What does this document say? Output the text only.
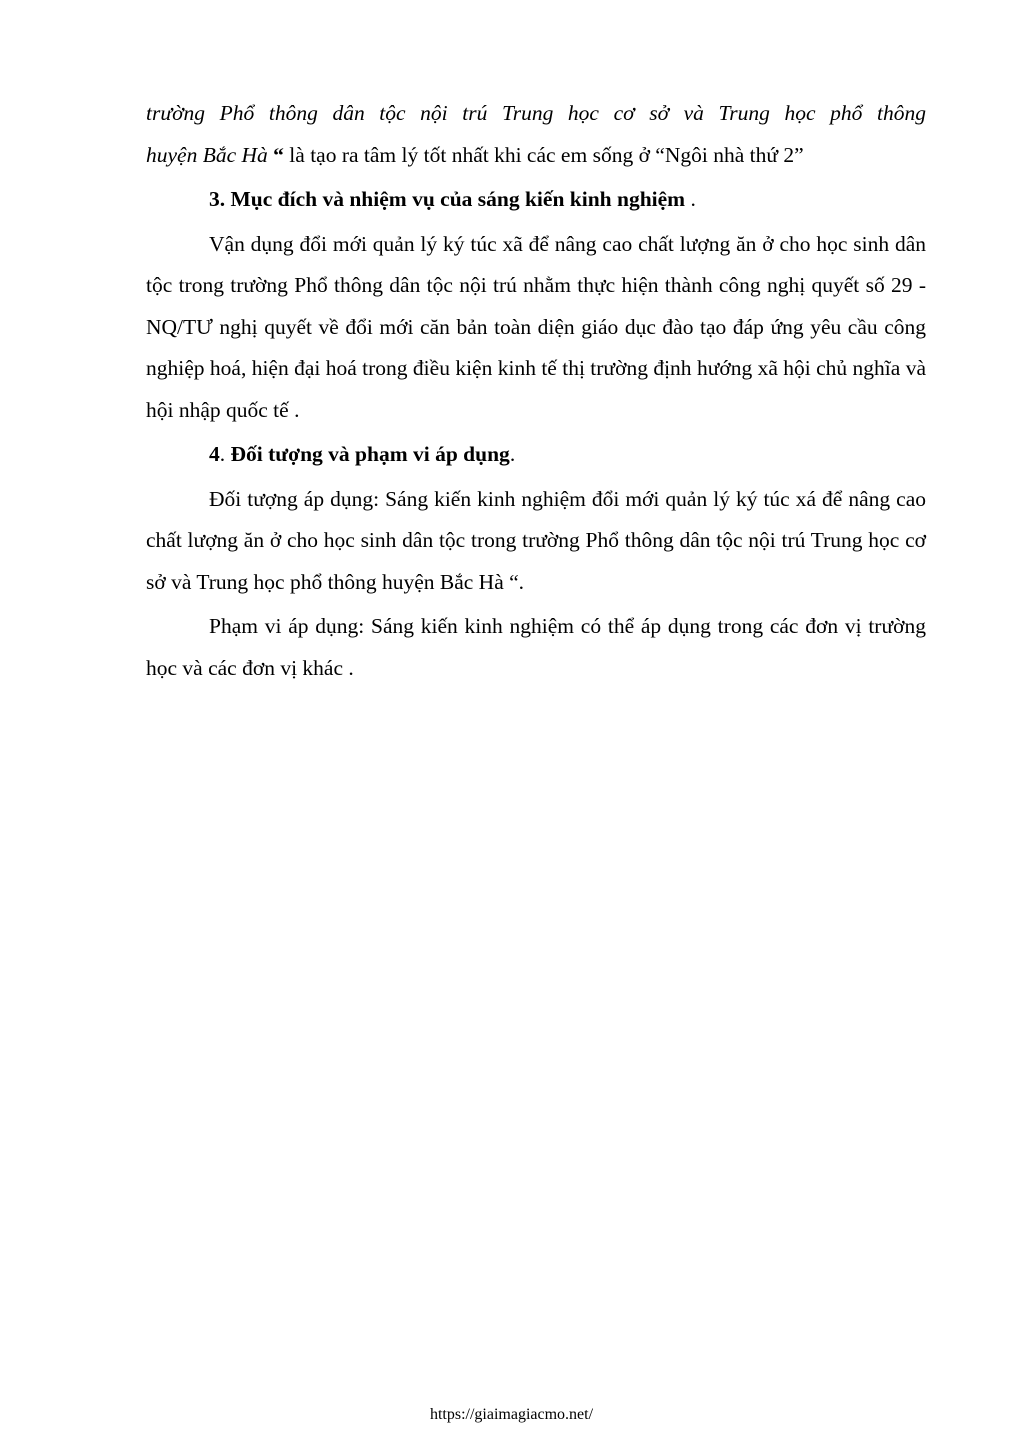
trường Phổ thông dân tộc nội trú Trung học cơ sở và Trung học phổ thông
huyện Bắc Hà “ là tạo ra tâm lý tốt nhất khi các em sống ở “Ngôi nhà thứ 2”

3. Mục đích và nhiệm vụ của sáng kiến kinh nghiệm .

Vận dụng đổi mới quản lý ký túc xã để nâng cao chất lượng ăn ở cho học sinh dân tộc trong trường Phổ thông dân tộc nội trú nhằm thực hiện thành công nghị quyết số 29 - NQ/TƯ nghị quyết về đổi mới căn bản toàn diện giáo dục đào tạo đáp ứng yêu cầu công nghiệp hoá, hiện đại hoá trong điều kiện kinh tế thị trường định hướng xã hội chủ nghĩa và hội nhập quốc tế .

4. Đối tượng và phạm vi áp dụng.

Đối tượng áp dụng: Sáng kiến kinh nghiệm đổi mới quản lý ký túc xá để nâng cao chất lượng ăn ở cho học sinh dân tộc trong trường Phổ thông dân tộc nội trú Trung học cơ sở và Trung học phổ thông huyện Bắc Hà “.

Phạm vi áp dụng: Sáng kiến kinh nghiệm có thể áp dụng trong các đơn vị trường học và các đơn vị khác .

https://giaimagiacmo.net/
